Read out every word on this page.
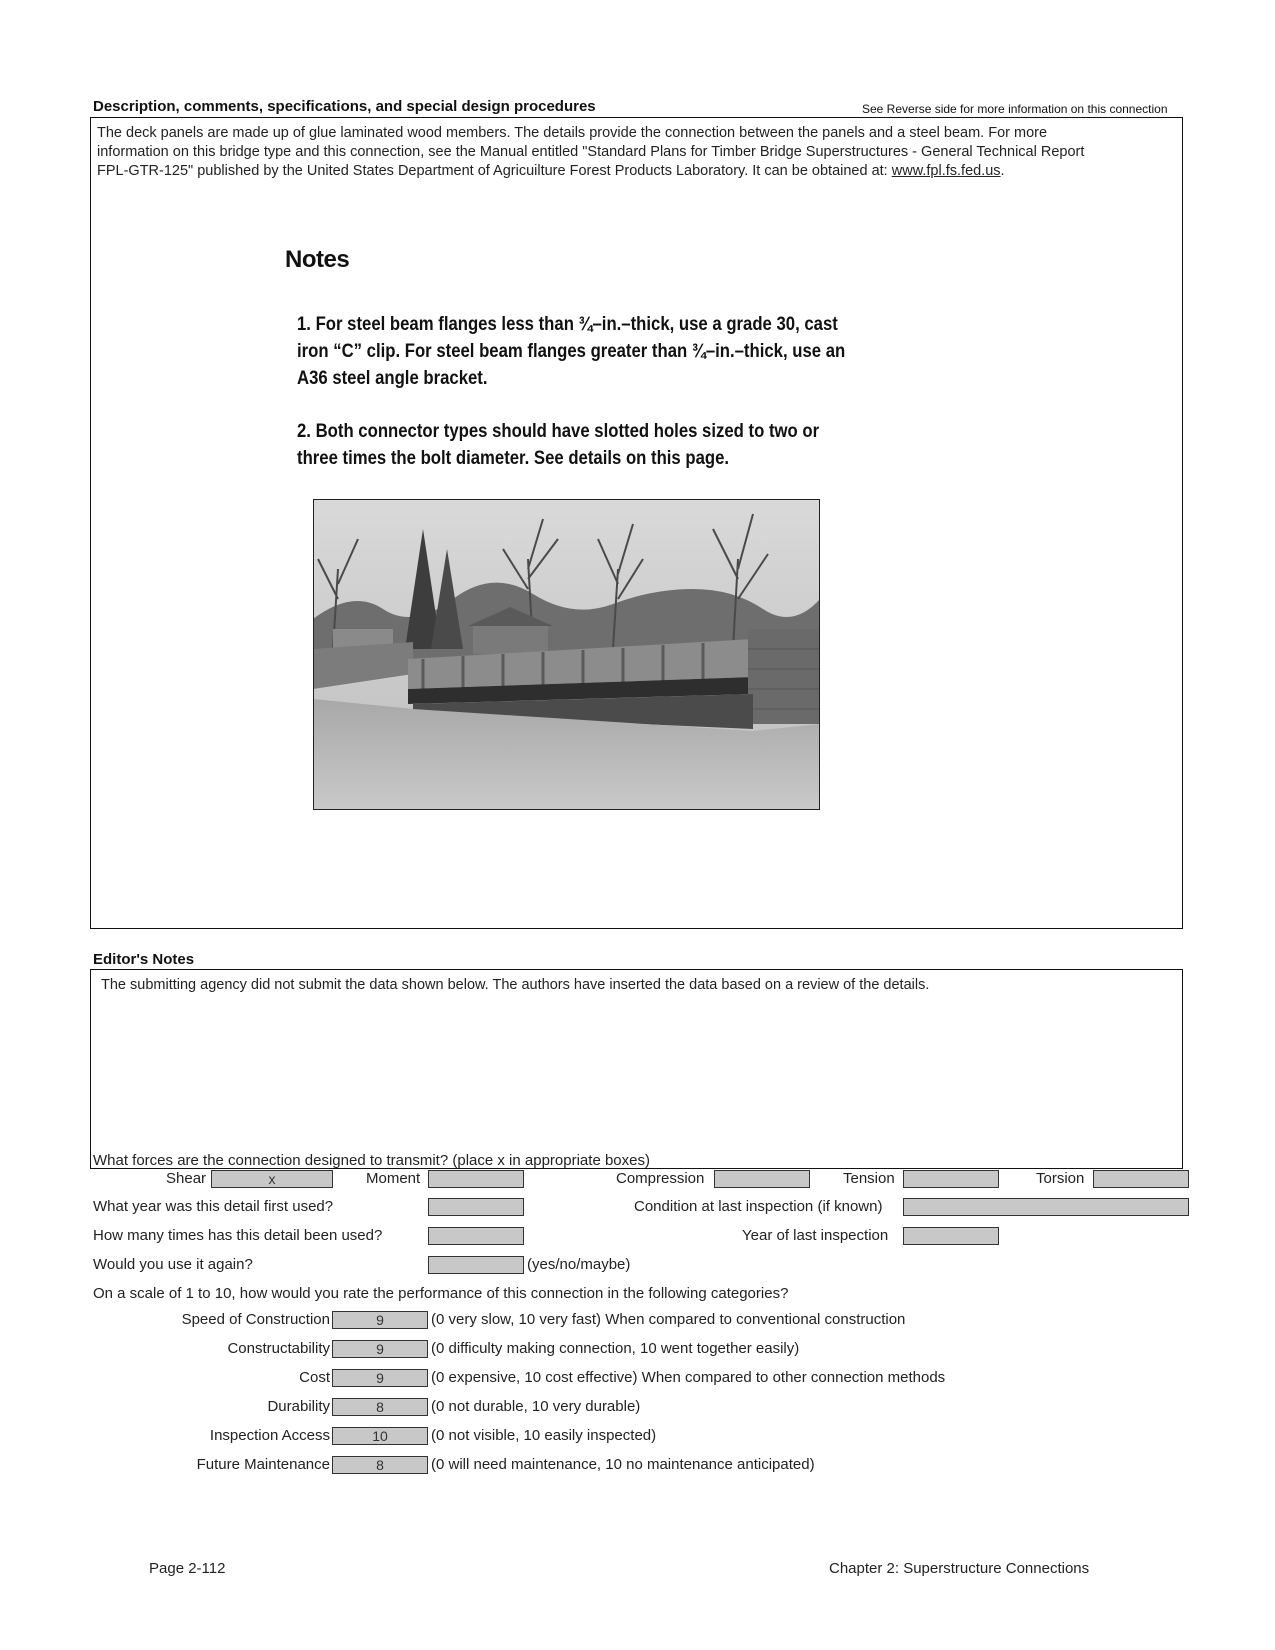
Description, comments, specifications, and special design procedures	See Reverse side for more information on this connection
The deck panels are made up of glue laminated wood members. The details provide the connection between the panels and a steel beam. For more information on this bridge type and this connection, see the Manual entitled "Standard Plans for Timber Bridge Superstructures - General Technical Report FPL-GTR-125" published by the United States Department of Agricuilture Forest Products Laboratory. It can be obtained at: www.fpl.fs.fed.us.
Notes
1. For steel beam flanges less than ¾–in.–thick, use a grade 30, cast iron “C” clip. For steel beam flanges greater than ¾–in.–thick, use an A36 steel angle bracket.
2. Both connector types should have slotted holes sized to two or three times the bolt diameter. See details on this page.
Editor's Notes
The submitting agency did not submit the data shown below. The authors have inserted the data based on a review of the details.
What forces are the connection designed to transmit? (place x in appropriate boxes)
Shear	x	Moment	Compression	Tension	Torsion
What year was this detail first used?	Condition at last inspection (if known)
How many times has this detail been used?	Year of last inspection
Would you use it again?	(yes/no/maybe)
On a scale of 1 to 10, how would you rate the performance of this connection in the following categories?
Speed of Construction	9	(0 very slow, 10 very fast) When compared to conventional construction
Constructability	9	(0 difficulty making connection, 10 went together easily)
Cost	9	(0 expensive, 10 cost effective) When compared to other connection methods
Durability	8	(0 not durable, 10 very durable)
Inspection Access	10	(0 not visible, 10 easily inspected)
Future Maintenance	8	(0 will need maintenance, 10 no maintenance anticipated)
Page 2-112	Chapter 2: Superstructure Connections
